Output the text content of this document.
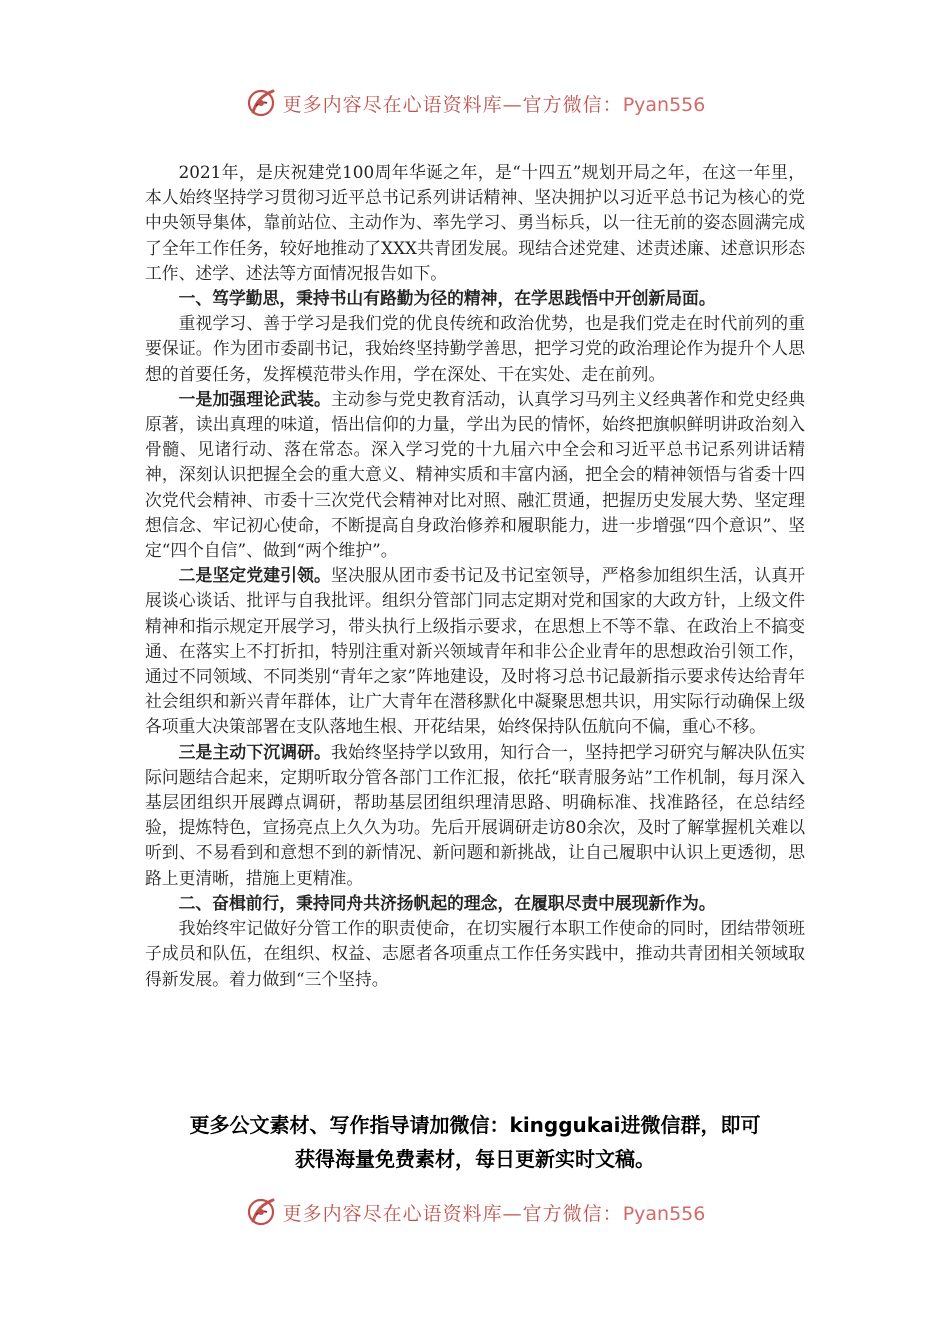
更多内容尽在心语资料库—官方微信：Pyan556

2021年，是庆祝建党100周年华诞之年，是“十四五”规划开局之年，在这一年里，本人始终坚持学习贯彻习近平总书记系列讲话精神、坚决拥护以习近平总书记为核心的党中央领导集体，靠前站位、主动作为、率先学习、勇当标兵，以一往无前的姿态圆满完成了全年工作任务，较好地推动了XXX共青团发展。现结合述党建、述责述廉、述意识形态工作、述学、述法等方面情况报告如下。

一、笃学勤思，秉持书山有路勤为径的精神，在学思践悟中开创新局面。

重视学习、善于学习是我们党的优良传统和政治优势，也是我们党走在时代前列的重要保证。作为团市委副书记，我始终坚持勤学善思，把学习党的政治理论作为提升个人思想的首要任务，发挥模范带头作用，学在深处、干在实处、走在前列。

一是加强理论武装。主动参与党史教育活动，认真学习马列主义经典著作和党史经典原著，读出真理的味道，悟出信仰的力量，学出为民的情怀，始终把旗帜鲜明讲政治刻入骨髓、见诸行动、落在常态。深入学习党的十九届六中全会和习近平总书记系列讲话精神，深刻认识把握全会的重大意义、精神实质和丰富内涵，把全会的精神领悟与省委十四次党代会精神、市委十三次党代会精神对比对照、融汇贯通，把握历史发展大势、坚定理想信念、牢记初心使命，不断提高自身政治修养和履职能力，进一步增强“四个意识”、坚定“四个自信”、做到“两个维护”。

二是坚定党建引领。坚决服从团市委书记及书记室领导，严格参加组织生活，认真开展谈心谈话、批评与自我批评。组织分管部门同志定期对党和国家的大政方针，上级文件精神和指示规定开展学习，带头执行上级指示要求，在思想上不等不靠、在政治上不搞变通、在落实上不打折扣，特别注重对新兴领域青年和非公企业青年的思想政治引领工作，通过不同领域、不同类别“青年之家”阵地建设，及时将习总书记最新指示要求传达给青年社会组织和新兴青年群体，让广大青年在潜移默化中凝聚思想共识，用实际行动确保上级各项重大决策部署在支队落地生根、开花结果，始终保持队伍航向不偏，重心不移。

三是主动下沉调研。我始终坚持学以致用，知行合一，坚持把学习研究与解决队伍实际问题结合起来，定期听取分管各部门工作汇报，依托“联青服务站”工作机制，每月深入基层团组织开展蹲点调研，帮助基层团组织理清思路、明确标准、找准路径，在总结经验，提炼特色，宣扬亮点上久久为功。先后开展调研走访80余次，及时了解掌握机关难以听到、不易看到和意想不到的新情况、新问题和新挑战，让自己履职中认识上更透彻，思路上更清晰，措施上更精准。

二、奋楫前行，秉持同舟共济扬帆起的理念，在履职尽责中展现新作为。

我始终牢记做好分管工作的职责使命，在切实履行本职工作使命的同时，团结带领班子成员和队伍，在组织、权益、志愿者各项重点工作任务实践中，推动共青团相关领域取得新发展。着力做到“三个坚持。

更多公文素材、写作指导请加微信：kinggukai进微信群，即可
获得海量免费素材，每日更新实时文稿。
更多内容尽在心语资料库—官方微信：Pyan556
